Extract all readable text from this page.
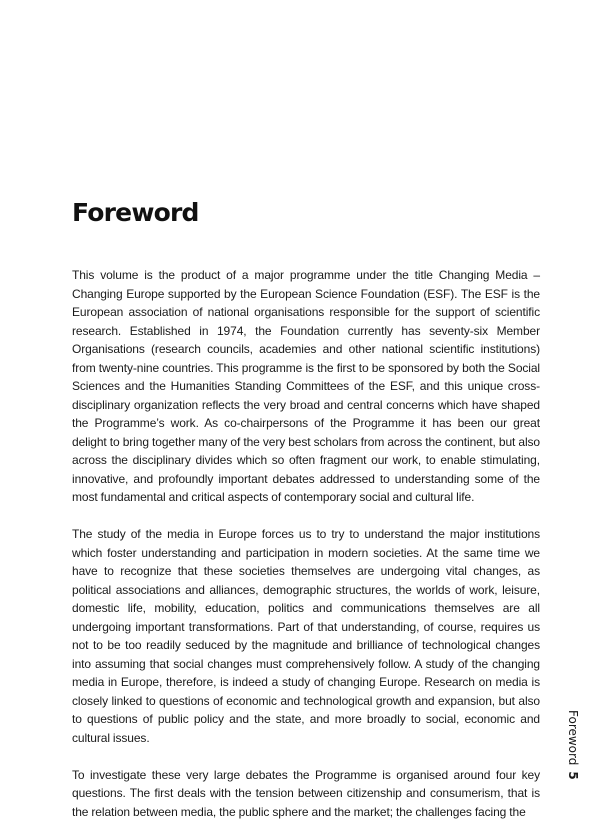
Foreword

This volume is the product of a major programme under the title Changing Media – Changing Europe supported by the European Science Foundation (ESF). The ESF is the European association of national organisations responsible for the support of scientific research. Established in 1974, the Foundation currently has seventy-six Member Organisations (research councils, academies and other national scientific institutions) from twenty-nine countries. This programme is the first to be sponsored by both the Social Sciences and the Humanities Standing Committees of the ESF, and this unique cross-disciplinary organization reflects the very broad and central concerns which have shaped the Programme’s work. As co-chairpersons of the Programme it has been our great delight to bring together many of the very best scholars from across the continent, but also across the disciplinary divides which so often fragment our work, to enable stimulating, innovative, and profoundly important debates addressed to understanding some of the most fundamental and critical aspects of contemporary social and cultural life.

The study of the media in Europe forces us to try to understand the major institutions which foster understanding and participation in modern societies. At the same time we have to recognize that these societies themselves are undergoing vital changes, as political associations and alliances, demographic structures, the worlds of work, leisure, domestic life, mobility, education, politics and communications themselves are all undergoing important transformations. Part of that understanding, of course, requires us not to be too readily seduced by the magnitude and brilliance of technological changes into assuming that social changes must comprehensively follow. A study of the changing media in Europe, therefore, is indeed a study of changing Europe. Research on media is closely linked to questions of economic and technological growth and expansion, but also to questions of public policy and the state, and more broadly to social, economic and cultural issues.

To investigate these very large debates the Programme is organised around four key questions. The first deals with the tension between citizenship and consumerism, that is the relation between media, the public sphere and the market; the challenges facing the

Foreword5
